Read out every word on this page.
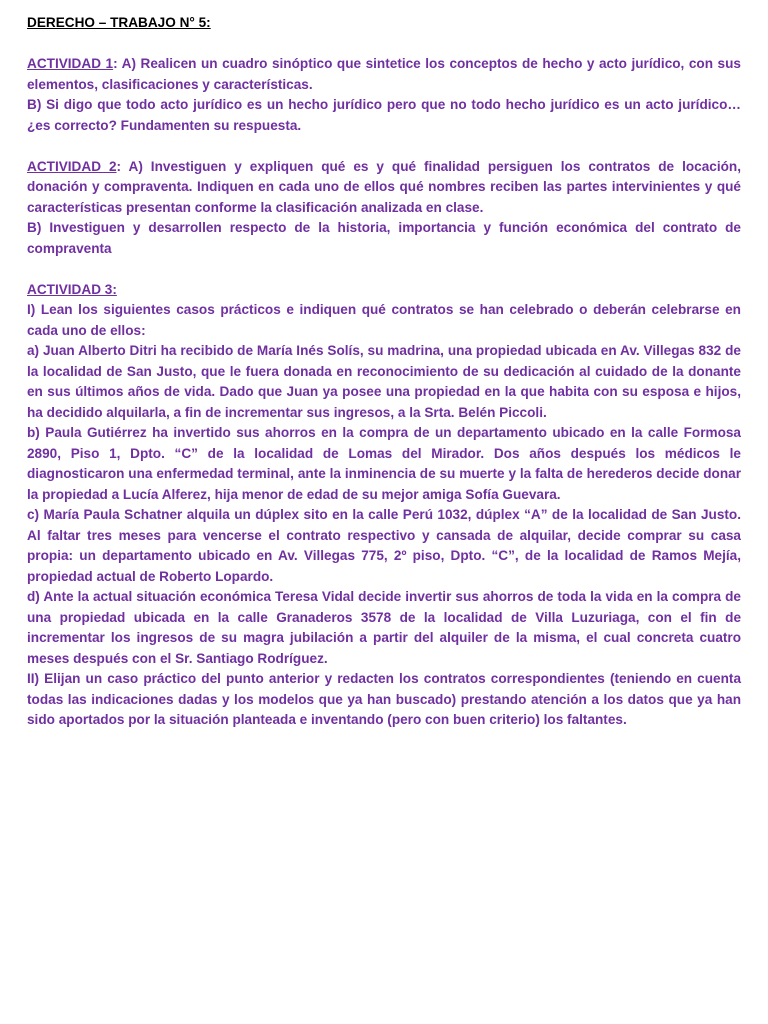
DERECHO – TRABAJO N° 5:

ACTIVIDAD 1: A) Realicen un cuadro sinóptico que sintetice los conceptos de hecho y acto jurídico, con sus elementos, clasificaciones y características.

B) Si digo que todo acto jurídico es un hecho jurídico pero que no todo hecho jurídico es un acto jurídico… ¿es correcto? Fundamenten su respuesta.

ACTIVIDAD 2: A) Investiguen y expliquen qué es y qué finalidad persiguen los contratos de locación, donación y compraventa. Indiquen en cada uno de ellos qué nombres reciben las partes intervinientes y qué características presentan conforme la clasificación analizada en clase.

B) Investiguen y desarrollen respecto de la historia, importancia y función económica del contrato de compraventa

ACTIVIDAD 3:

I) Lean los siguientes casos prácticos e indiquen qué contratos se han celebrado o deberán celebrarse en cada uno de ellos:

a) Juan Alberto Ditri ha recibido de María Inés Solís, su madrina, una propiedad ubicada en Av. Villegas 832 de la localidad de San Justo, que le fuera donada en reconocimiento de su dedicación al cuidado de la donante en sus últimos años de vida. Dado que Juan ya posee una propiedad en la que habita con su esposa e hijos, ha decidido alquilarla, a fin de incrementar sus ingresos, a la Srta. Belén Piccoli.

b) Paula Gutiérrez ha invertido sus ahorros en la compra de un departamento ubicado en la calle Formosa 2890, Piso 1, Dpto. “C” de la localidad de Lomas del Mirador. Dos años después los médicos le diagnosticaron una enfermedad terminal, ante la inminencia de su muerte y la falta de herederos decide donar la propiedad a Lucía Alferez, hija menor de edad de su mejor amiga Sofía Guevara.

c) María Paula Schatner alquila un dúplex sito en la calle Perú 1032, dúplex “A” de la localidad de San Justo. Al faltar tres meses para vencerse el contrato respectivo y cansada de alquilar, decide comprar su casa propia: un departamento ubicado en Av. Villegas 775, 2º piso, Dpto. “C”, de la localidad de Ramos Mejía, propiedad actual de Roberto Lopardo.

d) Ante la actual situación económica Teresa Vidal decide invertir sus ahorros de toda la vida en la compra de una propiedad ubicada en la calle Granaderos 3578 de la localidad de Villa Luzuriaga, con el fin de incrementar los ingresos de su magra jubilación a partir del alquiler de la misma, el cual concreta cuatro meses después con el Sr. Santiago Rodríguez.

II) Elijan un caso práctico del punto anterior y redacten los contratos correspondientes (teniendo en cuenta todas las indicaciones dadas y los modelos que ya han buscado) prestando atención a los datos que ya han sido aportados por la situación planteada e inventando (pero con buen criterio) los faltantes.
